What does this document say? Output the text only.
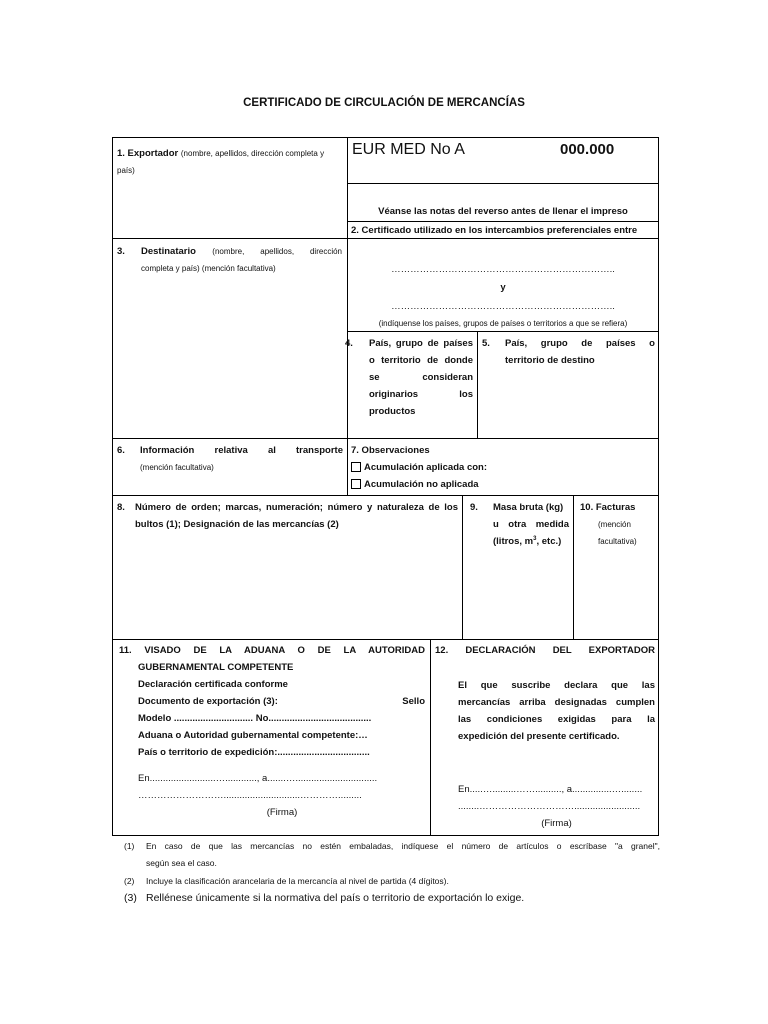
CERTIFICADO DE CIRCULACIÓN DE MERCANCÍAS
1. Exportador (nombre, apellidos, dirección completa y
país)
EUR MED No A	000.000
Véanse las notas del reverso antes de llenar el impreso
2. Certificado utilizado en los intercambios preferenciales entre
……………………………………………………………..
y
……………………………………………………………..
(indíquense los países, grupos de países o territorios a que se refiera)
3. Destinatario (nombre, apellidos, dirección
completa y país) (mención facultativa)
4. País, grupo de países
o territorio de donde
se consideran
originarios los
productos
5. País, grupo de países o
territorio de destino
6. Información relativa al transporte
(mención facultativa)
7. Observaciones
Acumulación aplicada con:
Acumulación no aplicada
8. Número de orden; marcas, numeración; número y naturaleza de los
bultos (1); Designación de las mercancías (2)
9. Masa bruta (kg)
u otra medida
(litros, $m^3$, etc.)
10. Facturas
(mención
facultativa)
11. VISADO DE LA ADUANA O DE LA AUTORIDAD
GUBERNAMENTAL COMPETENTE
Declaración certificada conforme
Documento de exportación (3):	Sello
Modelo .............................. No.......................................
Aduana o Autoridad gubernamental competente:…
País o territorio de expedición:...................................
En.........................…............, a.......…...............................
……………………….............................………….........
(Firma)
12. DECLARACIÓN DEL EXPORTADOR
El que suscribe declara que las
mercancías arriba designadas cumplen
las condiciones exigidas para la
expedición del presente certificado.
En.....….........…….........., a...............…........
........………………………….........................
(Firma)
(1)	En caso de que las mercancías no estén embaladas, indíquese el número de artículos o escríbase "a granel",
según sea el caso.
(2) Incluye la clasificación arancelaria de la mercancía al nivel de partida (4 dígitos).
(3) Rellénese únicamente si la normativa del país o territorio de exportación lo exige.
